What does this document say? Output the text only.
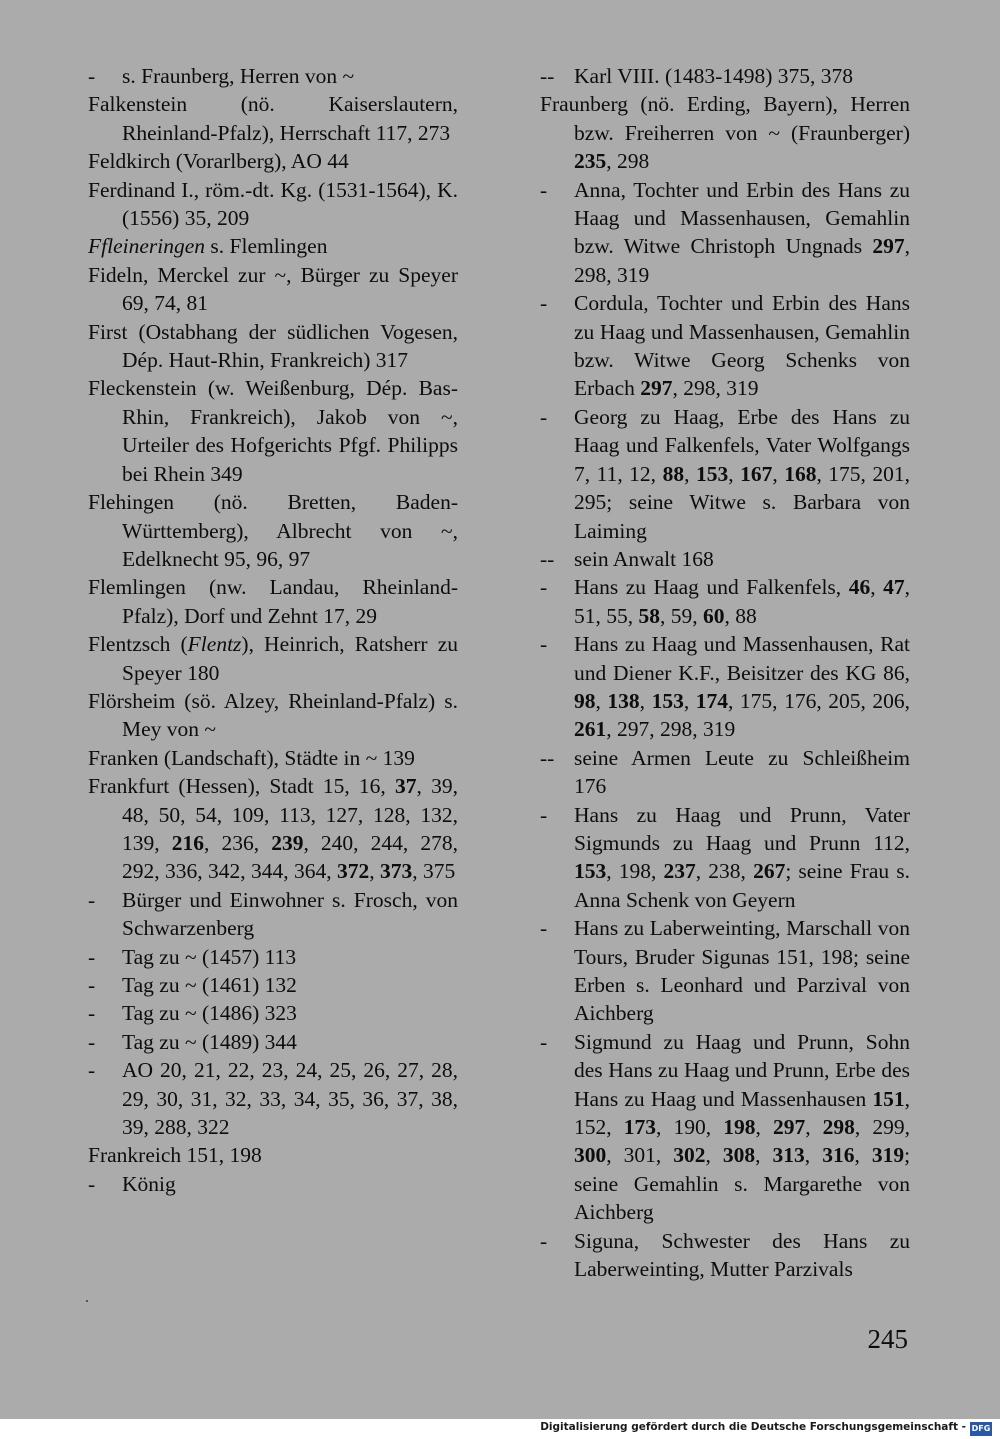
-	s. Fraunberg, Herren von ~
Falkenstein (nö. Kaiserslautern, Rheinland-Pfalz), Herrschaft 117, 273
Feldkirch (Vorarlberg), AO 44
Ferdinand I., röm.-dt. Kg. (1531-1564), K. (1556) 35, 209
Ffleineringen s. Flemlingen
Fideln, Merckel zur ~, Bürger zu Speyer 69, 74, 81
First (Ostabhang der südlichen Vogesen, Dép. Haut-Rhin, Frankreich) 317
Fleckenstein (w. Weißenburg, Dép. Bas-Rhin, Frankreich), Jakob von ~, Urteiler des Hofgerichts Pfgf. Philipps bei Rhein 349
Flehingen (nö. Bretten, Baden-Württemberg), Albrecht von ~, Edelknecht 95, 96, 97
Flemlingen (nw. Landau, Rheinland-Pfalz), Dorf und Zehnt 17, 29
Flentzsch (Flentz), Heinrich, Ratsherr zu Speyer 180
Flörsheim (sö. Alzey, Rheinland-Pfalz) s. Mey von ~
Franken (Landschaft), Städte in ~ 139
Frankfurt (Hessen), Stadt 15, 16, 37, 39, 48, 50, 54, 109, 113, 127, 128, 132, 139, 216, 236, 239, 240, 244, 278, 292, 336, 342, 344, 364, 372, 373, 375
-	Bürger und Einwohner s. Frosch, von Schwarzenberg
-	Tag zu ~ (1457) 113
-	Tag zu ~ (1461) 132
-	Tag zu ~ (1486) 323
-	Tag zu ~ (1489) 344
-	AO 20, 21, 22, 23, 24, 25, 26, 27, 28, 29, 30, 31, 32, 33, 34, 35, 36, 37, 38, 39, 288, 322
Frankreich 151, 198
-	König
-- Karl VIII. (1483-1498) 375, 378
Fraunberg (nö. Erding, Bayern), Herren bzw. Freiherren von ~ (Fraunberger) 235, 298
-	Anna, Tochter und Erbin des Hans zu Haag und Massenhausen, Gemahlin bzw. Witwe Christoph Ungnads 297, 298, 319
-	Cordula, Tochter und Erbin des Hans zu Haag und Massenhausen, Gemahlin bzw. Witwe Georg Schenks von Erbach 297, 298, 319
-	Georg zu Haag, Erbe des Hans zu Haag und Falkenfels, Vater Wolfgangs 7, 11, 12, 88, 153, 167, 168, 175, 201, 295; seine Witwe s. Barbara von Laiming
-- sein Anwalt 168
-	Hans zu Haag und Falkenfels, 46, 47, 51, 55, 58, 59, 60, 88
-	Hans zu Haag und Massenhausen, Rat und Diener K.F., Beisitzer des KG 86, 98, 138, 153, 174, 175, 176, 205, 206, 261, 297, 298, 319
-- seine Armen Leute zu Schleißheim 176
-	Hans zu Haag und Prunn, Vater Sigmunds zu Haag und Prunn 112, 153, 198, 237, 238, 267; seine Frau s. Anna Schenk von Geyern
-	Hans zu Laberweinting, Marschall von Tours, Bruder Sigunas 151, 198; seine Erben s. Leonhard und Parzival von Aichberg
-	Sigmund zu Haag und Prunn, Sohn des Hans zu Haag und Prunn, Erbe des Hans zu Haag und Massenhausen 151, 152, 173, 190, 198, 297, 298, 299, 300, 301, 302, 308, 313, 316, 319; seine Gemahlin s. Margarethe von Aichberg
-	Siguna, Schwester des Hans zu Laberweinting, Mutter Parzivals
245
Digitalisierung gefördert durch die Deutsche Forschungsgemeinschaft - DFG
